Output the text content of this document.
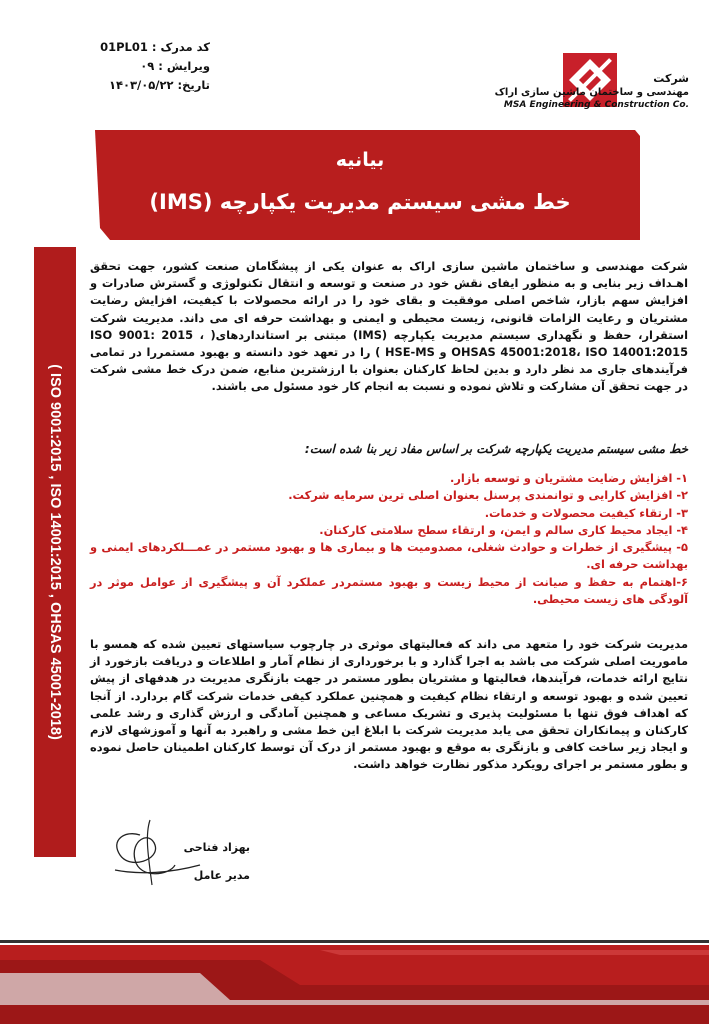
کد مدرک : 01PL01
ویرایش : ۰۹
تاریخ: ۱۴۰۳/۰۵/۲۲	شرکت
مهندسی و ساختمان ماشین سازی اراک
MSA Engineering & Construction Co.
بیانیه
خط مشی سیستم مدیریت یکپارچه (IMS)
( ISO 9001:2015 , ISO 14001:2015 , OHSAS 45001-2018)
شرکت مهندسی و ساختمان ماشین سازی اراک به عنوان یکی از پیشگامان صنعت کشور، جهت تحقق اهـداف زیر بنایی و به منظور ایفای نقش خود در صنعت و توسعه و انتقال تکنولوژی و گسترش صادرات و افزایش سهم بازار، شاخص اصلی موفقیت و بقای خود را در ارائه محصولات با کیفیت، افزایش رضایت مشتریان و رعایت الزامات قانونی، زیست محیطی و ایمنی و بهداشت حرفه ای می داند. مدیریت شرکت استقرار، حفظ و نگهداری سیستم مدیریت یکپارچه (IMS) مبتنی بر استانداردهای( ISO 9001: 2015 ، OHSAS 45001:2018، ISO 14001:2015 و HSE-MS ) را در تعهد خود دانسته و بهبود مستمررا در تمامی فرآیندهای جاری مد نظر دارد و بدین لحاظ کارکنان بعنوان با ارزشترین منابع، ضمن درک خط مشی شرکت در جهت تحقق آن مشارکت و تلاش نموده و نسبت به انجام کار خود مسئول می باشند.
خط مشی سیستم مدیریت یکپارچه شرکت بر اساس مفاد زیر بنا شده است:
۱- افزایش رضایت مشتریان و توسعه بازار.
۲- افزایش کارایی و توانمندی پرسنل بعنوان اصلی ترین سرمایه شرکت.
۳- ارتقاء کیفیت محصولات و خدمات.
۴- ایجاد محیط کاری سالم و ایمن، و ارتقاء سطح سلامتی کارکنان.
۵- پیشگیری از خطرات و حوادث شغلی، مصدومیت ها و بیماری ها و بهبود مستمر در عمـــلکردهای ایمنی و بهداشت حرفه ای.
۶-اهتمام به حفظ و صیانت از محیط زیست و بهبود مستمردر عملکرد آن و پیشگیری از عوامل موثر در آلودگی های زیست محیطی.
مدیریت شرکت خود را متعهد می داند که فعالیتهای موثری در چارچوب سیاستهای تعیین شده که همسو با ماموریت اصلی شرکت می باشد به اجرا گذارد و با برخورداری از نظام آمار و اطلاعات و دریافت بازخورد از نتایج ارائه خدمات، فرآیندها، فعالیتها و مشتریان بطور مستمر در جهت بازنگری مدیریت در هدفهای از پیش تعیین شده و بهبود توسعه و ارتقاء نظام کیفیت و همچنین عملکرد کیفی خدمات شرکت گام بردارد. از آنجا که اهداف فوق تنها با مسئولیت پذیری و تشریک مساعی و همچنین آمادگی و ارزش گذاری و رشد علمی کارکنان و پیمانکاران تحقق می یابد مدیریت شرکت با ابلاغ این خط مشی و راهبرد به آنها و آموزشهای لازم و ایجاد زیر ساخت کافی و بازنگری به موقع و بهبود مستمر از درک آن توسط کارکنان اطمینان حاصل نموده و بطور مستمر بر اجرای رویکرد مذکور نظارت خواهد داشت.
بهزاد فتاحی
مدیر عامل
